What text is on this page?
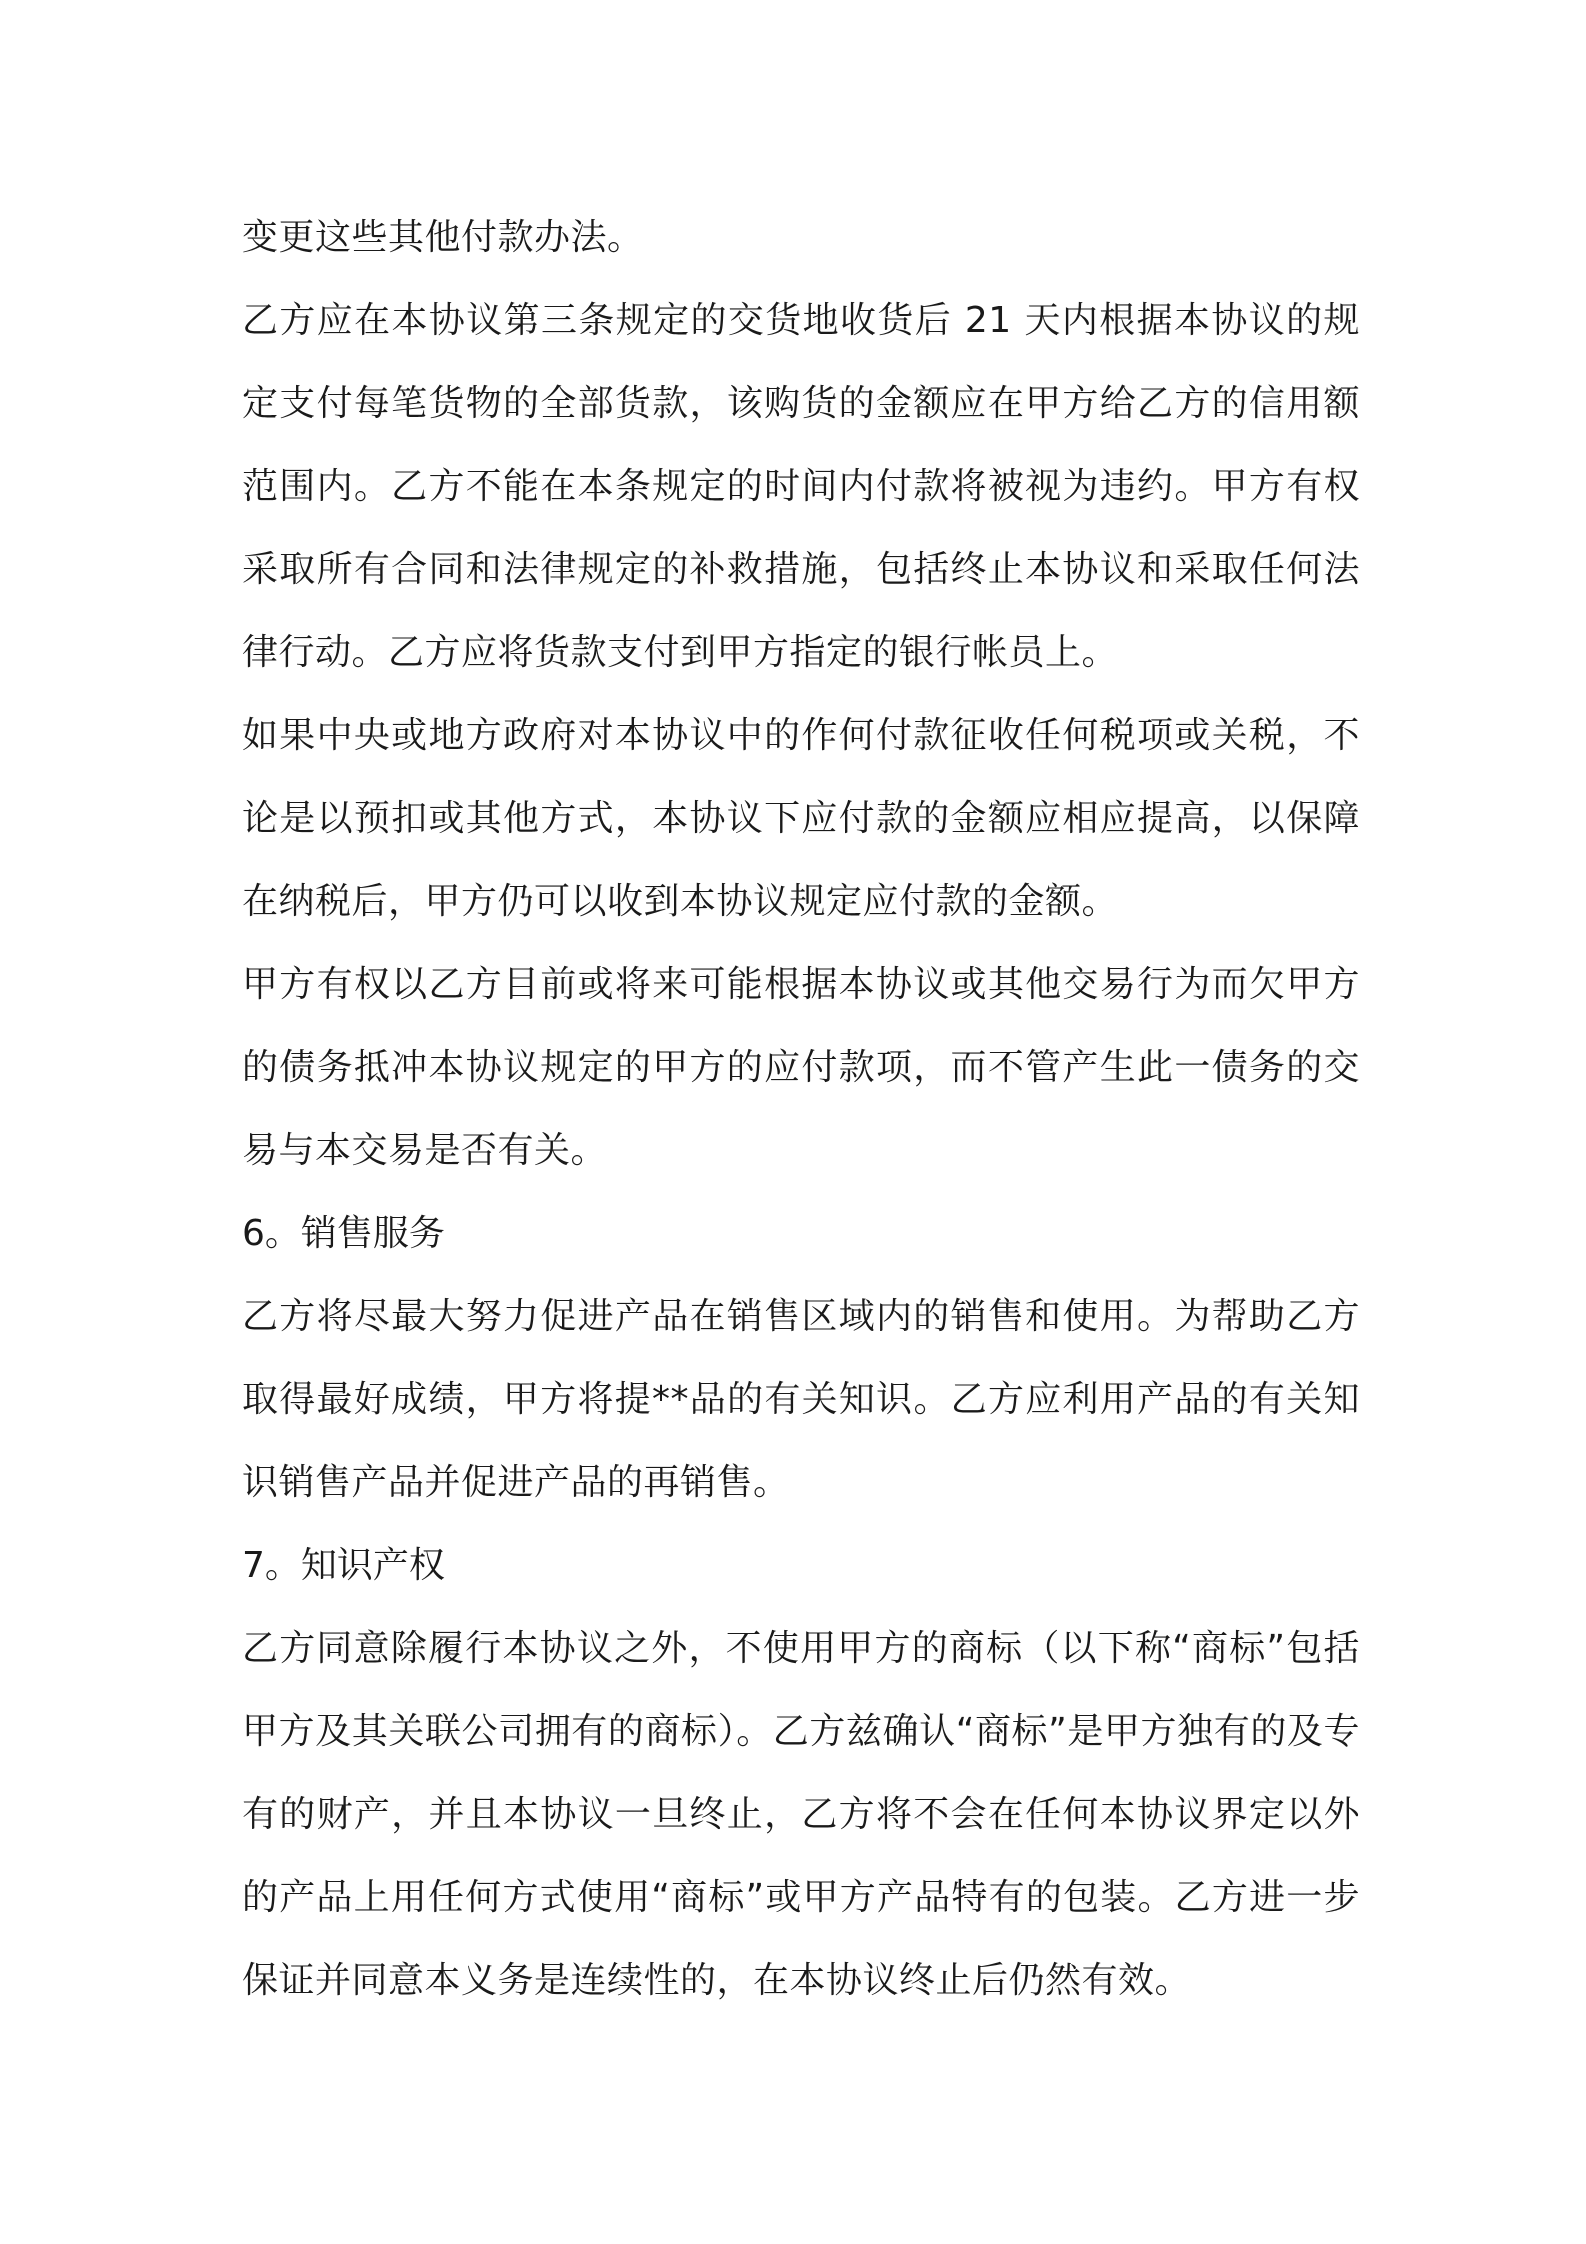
变更这些其他付款办法。

乙方应在本协议第三条规定的交货地收货后 21 天内根据本协议的规定支付每笔货物的全部货款，该购货的金额应在甲方给乙方的信用额范围内。乙方不能在本条规定的时间内付款将被视为违约。甲方有权采取所有合同和法律规定的补救措施，包括终止本协议和采取任何法律行动。乙方应将货款支付到甲方指定的银行帐员上。

如果中央或地方政府对本协议中的作何付款征收任何税项或关税，不论是以预扣或其他方式，本协议下应付款的金额应相应提高，以保障在纳税后，甲方仍可以收到本协议规定应付款的金额。

甲方有权以乙方目前或将来可能根据本协议或其他交易行为而欠甲方的债务抵冲本协议规定的甲方的应付款项，而不管产生此一债务的交易与本交易是否有关。

6。销售服务

乙方将尽最大努力促进产品在销售区域内的销售和使用。为帮助乙方取得最好成绩，甲方将提**品的有关知识。乙方应利用产品的有关知识销售产品并促进产品的再销售。

7。知识产权

乙方同意除履行本协议之外，不使用甲方的商标（以下称“商标”包括甲方及其关联公司拥有的商标）。乙方兹确认“商标”是甲方独有的及专有的财产，并且本协议一旦终止，乙方将不会在任何本协议界定以外的产品上用任何方式使用“商标”或甲方产品特有的包装。乙方进一步保证并同意本义务是连续性的，在本协议终止后仍然有效。
